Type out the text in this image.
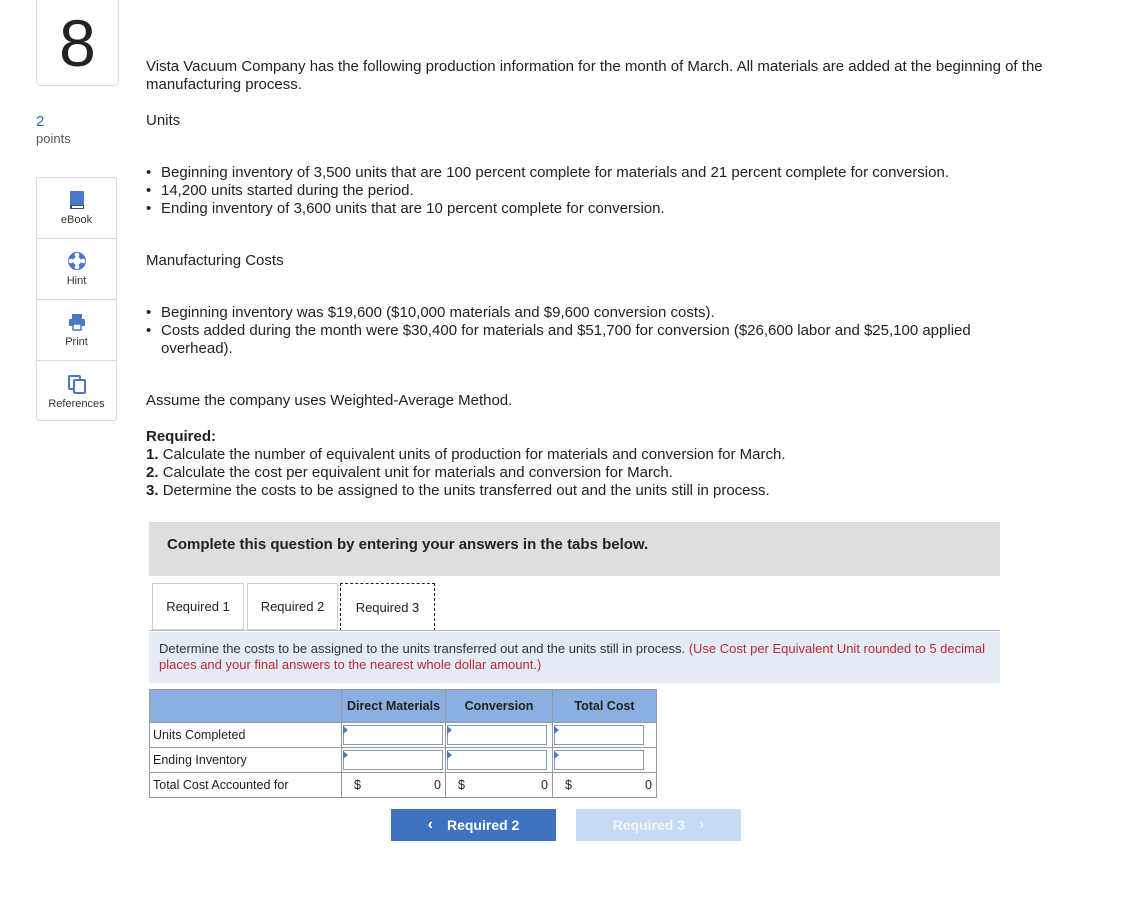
8
2
points
eBook
Hint
Print
References
Vista Vacuum Company has the following production information for the month of March. All materials are added at the beginning of the manufacturing process.
Units
• Beginning inventory of 3,500 units that are 100 percent complete for materials and 21 percent complete for conversion.
• 14,200 units started during the period.
• Ending inventory of 3,600 units that are 10 percent complete for conversion.
Manufacturing Costs
• Beginning inventory was $19,600 ($10,000 materials and $9,600 conversion costs).
• Costs added during the month were $30,400 for materials and $51,700 for conversion ($26,600 labor and $25,100 applied overhead).
Assume the company uses Weighted-Average Method.
Required:
1. Calculate the number of equivalent units of production for materials and conversion for March.
2. Calculate the cost per equivalent unit for materials and conversion for March.
3. Determine the costs to be assigned to the units transferred out and the units still in process.
Complete this question by entering your answers in the tabs below.
Required 1	Required 2	Required 3
Determine the costs to be assigned to the units transferred out and the units still in process. (Use Cost per Equivalent Unit rounded to 5 decimal places and your final answers to the nearest whole dollar amount.)
	Direct Materials	Conversion	Total Cost
Units Completed	

Ending Inventory	

Total Cost Accounted for	$ 0	$ 0	$ 0
‹ Required 2	Required 3 ›
